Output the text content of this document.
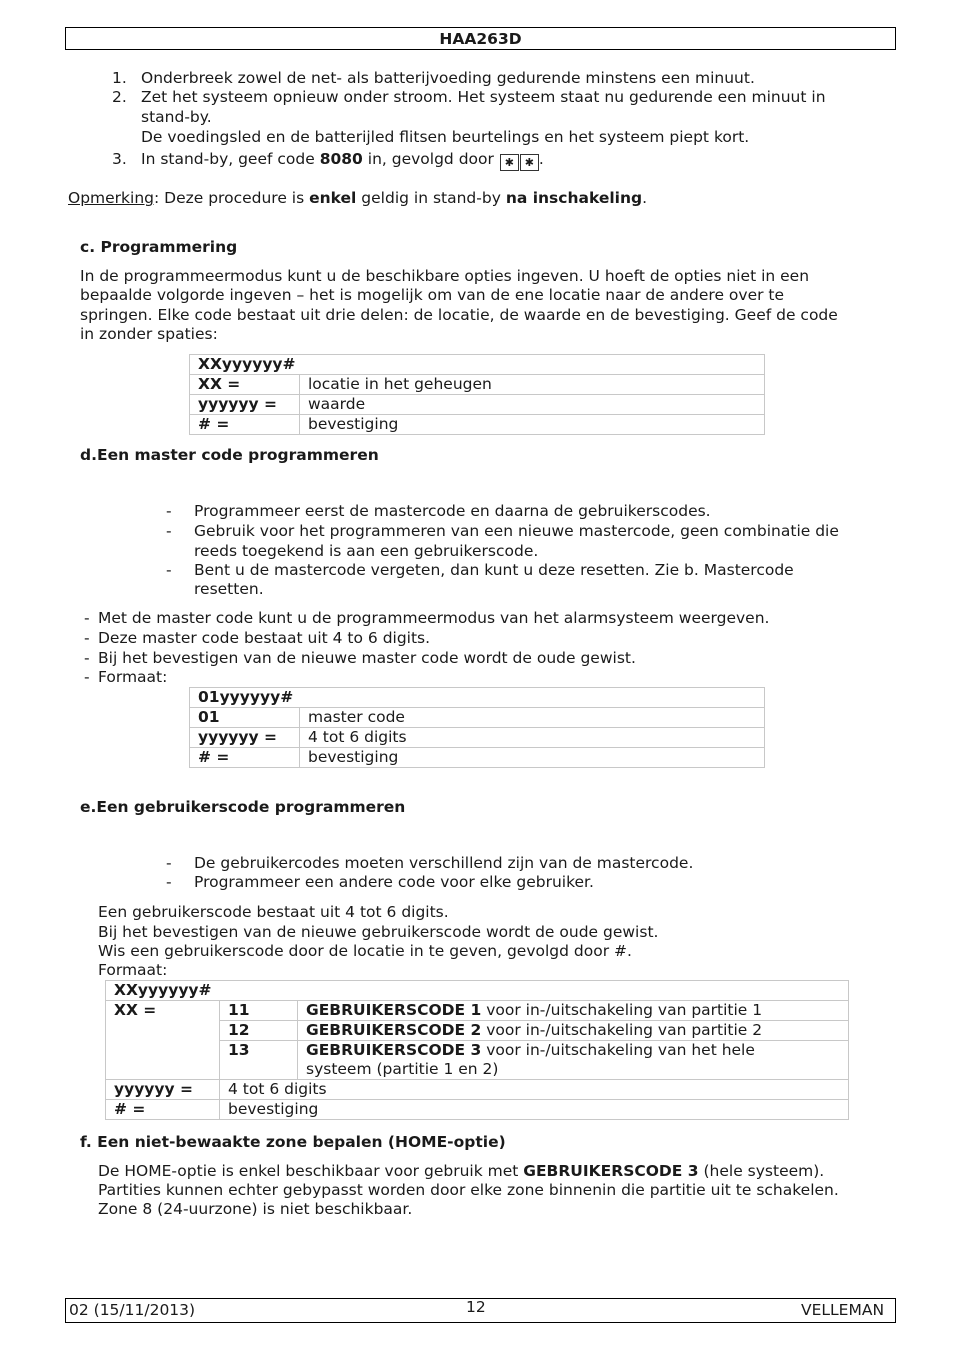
HAA263D
1. Onderbreek zowel de net- als batterijvoeding gedurende minstens een minuut.
2. Zet het systeem opnieuw onder stroom. Het systeem staat nu gedurende een minuut in
stand-by.
De voedingsled en de batterijled flitsen beurtelings en het systeem piept kort.
3. In stand-by, geef code 8080 in, gevolgd door ✱ ✱ .
Opmerking: Deze procedure is enkel geldig in stand-by na inschakeling.
c. Programmering
In de programmeermodus kunt u de beschikbare opties ingeven. U hoeft de opties niet in een
bepaalde volgorde ingeven – het is mogelijk om van de ene locatie naar de andere over te
springen. Elke code bestaat uit drie delen: de locatie, de waarde en de bevestiging. Geef de code
in zonder spaties:
XXyyyyyy#	
XX =	locatie in het geheugen
yyyyyy =	waarde
# =	bevestiging
d.Een master code programmeren
- Programmeer eerst de mastercode en daarna de gebruikerscodes.
- Gebruik voor het programmeren van een nieuwe mastercode, geen combinatie die
reeds toegekend is aan een gebruikerscode.
- Bent u de mastercode vergeten, dan kunt u deze resetten. Zie b. Mastercode
resetten.
- Met de master code kunt u de programmeermodus van het alarmsysteem weergeven.
- Deze master code bestaat uit 4 to 6 digits.
- Bij het bevestigen van de nieuwe master code wordt de oude gewist.
- Formaat:
01yyyyyy#	
01	master code
yyyyyy =	4 tot 6 digits
# =	bevestiging
e.Een gebruikerscode programmeren
- De gebruikercodes moeten verschillend zijn van de mastercode.
- Programmeer een andere code voor elke gebruiker.
Een gebruikerscode bestaat uit 4 tot 6 digits.
Bij het bevestigen van de nieuwe gebruikerscode wordt de oude gewist.
Wis een gebruikerscode door de locatie in te geven, gevolgd door #.
Formaat:
XXyyyyyy#		
XX =	11	GEBRUIKERSCODE 1 voor in-/uitschakeling van partitie 1
	12	GEBRUIKERSCODE 2 voor in-/uitschakeling van partitie 2
	13	GEBRUIKERSCODE 3 voor in-/uitschakeling van het hele
systeem (partitie 1 en 2)
yyyyyy =	4 tot 6 digits	
# =	bevestiging	
f. Een niet-bewaakte zone bepalen (HOME-optie)
De HOME-optie is enkel beschikbaar voor gebruik met GEBRUIKERSCODE 3 (hele systeem).
Partities kunnen echter gebypasst worden door elke zone binnenin die partitie uit te schakelen.
Zone 8 (24-uurzone) is niet beschikbaar.
02 (15/11/2013)	12	VELLEMAN
